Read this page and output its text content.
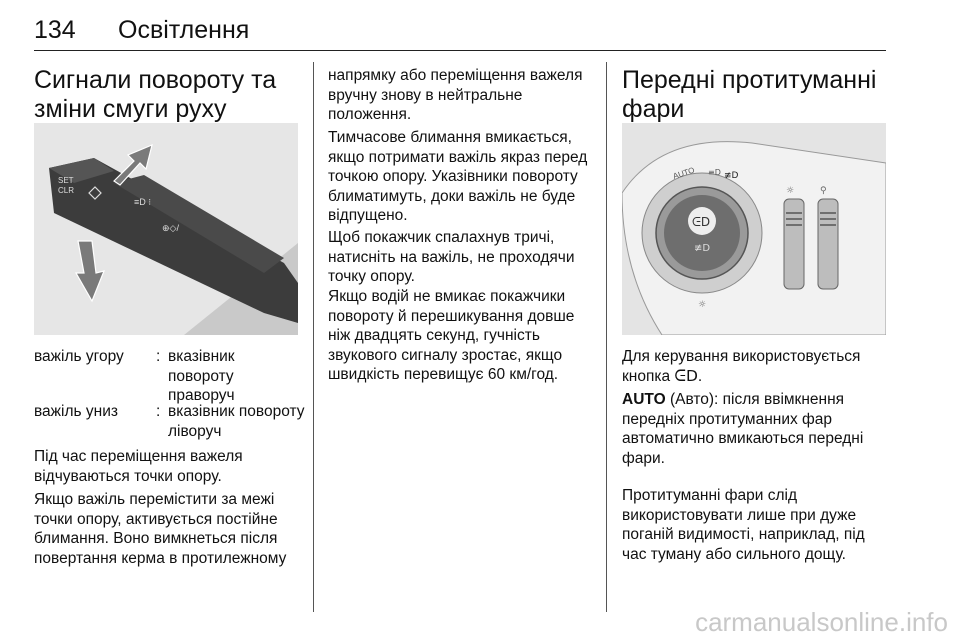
134 Освітлення
Сигнали повороту та зміни смуги руху
SET
CLR
≡D ⁝
⊕◇/
важіль угору	: вказівник повороту праворуч
важіль униз	: вказівник повороту ліворуч

Під час переміщення важеля відчуваються точки опору.

Якщо важіль перемістити за межі точки опору, активується постійне блимання. Воно вимкнеться після повертання керма в протилежному

напрямку або переміщення важеля вручну знову в нейтральне положення.

Тимчасове блимання вмикається, якщо потримати важіль якраз перед точкою опору. Указівники повороту блиматимуть, доки важіль не буде відпущено.

Щоб покажчик спалахнув тричі, натисніть на важіль, не проходячи точку опору.

Якщо водій не вмикає покажчики повороту й перешикування довше ніж двадцять секунд, гучність звукового сигналу зростає, якщо швидкість перевищує 60 км/год.

Передні протитуманні фари
ᕮD
≢D
AUTO ≡D ≢D
☼	⚲
☼

Для керування використовується кнопка ᕮD.

AUTO (Авто): після ввімкнення передніх протитуманних фар автоматично вмикаються передні фари.

Протитуманні фари слід використовувати лише при дуже поганій видимості, наприклад, під час туману або сильного дощу.

carmanualsonline.info
